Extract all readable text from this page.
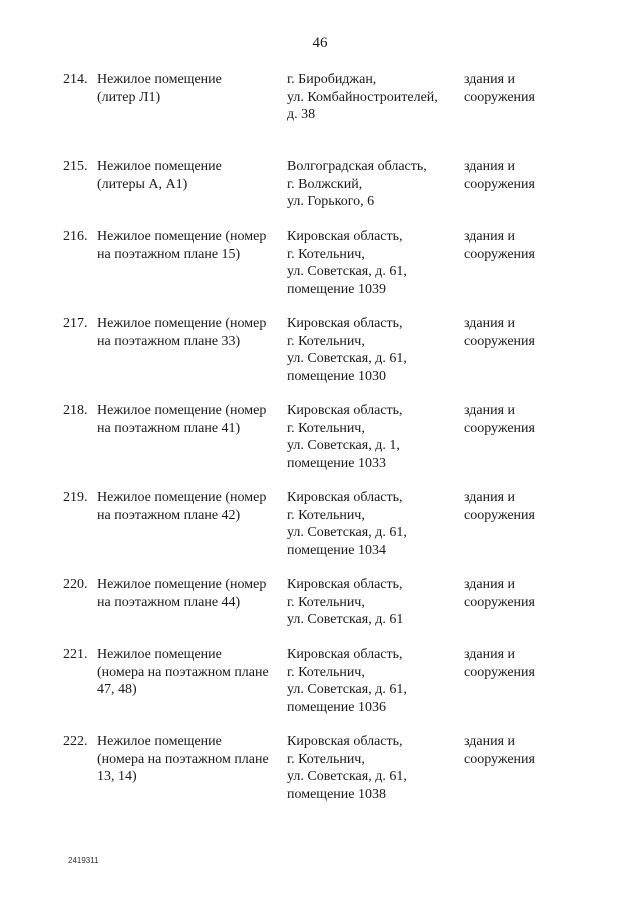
46
214. Нежилое помещение
(литер Л1)
г. Биробиджан,
ул. Комбайностроителей,
д. 38
здания и
сооружения
215. Нежилое помещение
(литеры А, А1)
Волгоградская область,
г. Волжский,
ул. Горького, 6
здания и
сооружения
216. Нежилое помещение (номер
на поэтажном плане 15)
Кировская область,
г. Котельнич,
ул. Советская, д. 61,
помещение 1039
здания и
сооружения
217. Нежилое помещение (номер
на поэтажном плане 33)
Кировская область,
г. Котельнич,
ул. Советская, д. 61,
помещение 1030
здания и
сооружения
218. Нежилое помещение (номер
на поэтажном плане 41)
Кировская область,
г. Котельнич,
ул. Советская, д. 1,
помещение 1033
здания и
сооружения
219. Нежилое помещение (номер
на поэтажном плане 42)
Кировская область,
г. Котельнич,
ул. Советская, д. 61,
помещение 1034
здания и
сооружения
220. Нежилое помещение (номер
на поэтажном плане 44)
Кировская область,
г. Котельнич,
ул. Советская, д. 61
здания и
сооружения
221. Нежилое помещение
(номера на поэтажном плане
47, 48)
Кировская область,
г. Котельнич,
ул. Советская, д. 61,
помещение 1036
здания и
сооружения
222. Нежилое помещение
(номера на поэтажном плане
13, 14)
Кировская область,
г. Котельнич,
ул. Советская, д. 61,
помещение 1038
здания и
сооружения
2419311
